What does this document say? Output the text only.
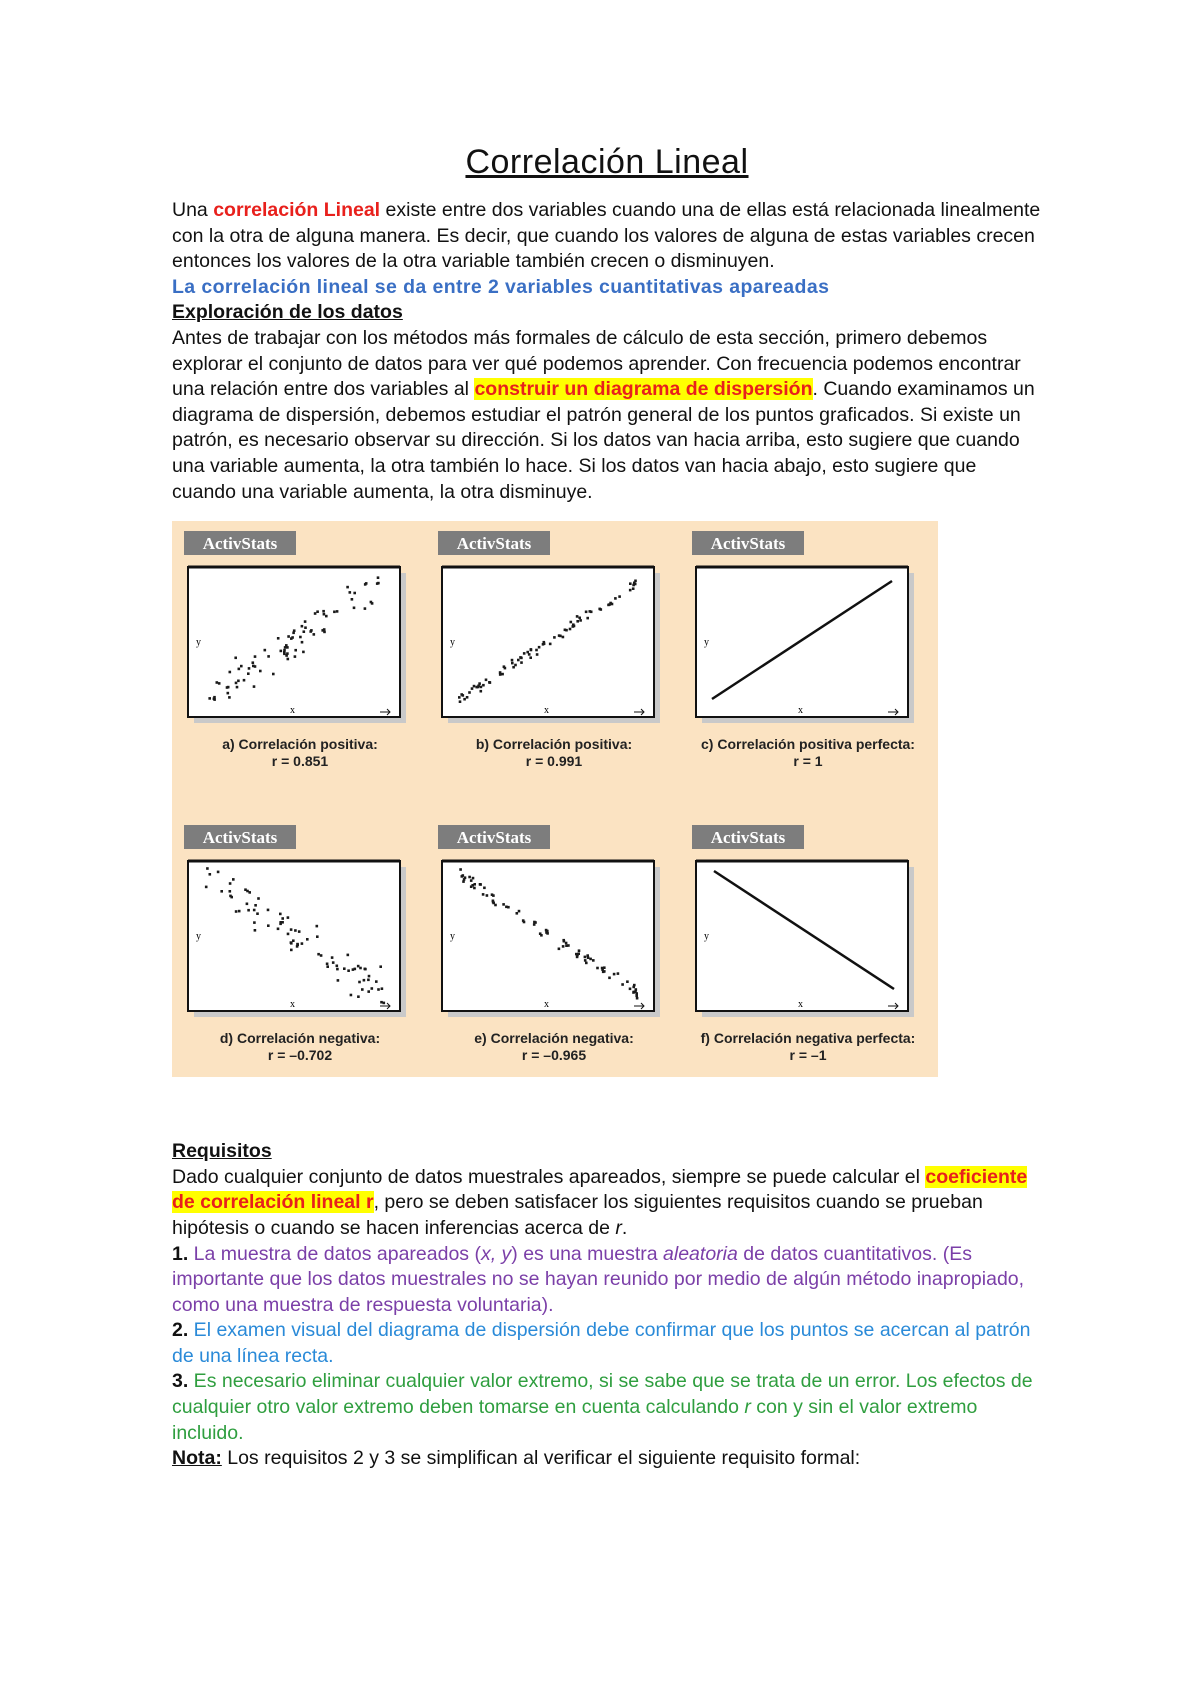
Correlación Lineal

Una correlación Lineal existe entre dos variables cuando una de ellas está relacionada linealmente con la otra de alguna manera. Es decir, que cuando los valores de alguna de estas variables crecen entonces los valores de la otra variable también crecen o disminuyen.

La correlación lineal se da entre 2 variables cuantitativas apareadas

Exploración de los datos

Antes de trabajar con los métodos más formales de cálculo de esta sección, primero debemos explorar el conjunto de datos para ver qué podemos aprender. Con frecuencia podemos encontrar una relación entre dos variables al construir un diagrama de dispersión. Cuando examinamos un diagrama de dispersión, debemos estudiar el patrón general de los puntos graficados. Si existe un patrón, es necesario observar su dirección. Si los datos van hacia arriba, esto sugiere que cuando una variable aumenta, la otra también lo hace. Si los datos van hacia abajo, esto sugiere que cuando una variable aumenta, la otra disminuye.

ActivStats
y
x
a) Correlación positiva:
r = 0.851
ActivStats
y
x
b) Correlación positiva:
r = 0.991
ActivStats
y
x
c) Correlación positiva perfecta:
r = 1
ActivStats
y
x
d) Correlación negativa:
r = –0.702
ActivStats
y
x
e) Correlación negativa:
r = –0.965
ActivStats
y
x
f) Correlación negativa perfecta:
r = –1

Requisitos

Dado cualquier conjunto de datos muestrales apareados, siempre se puede calcular el coeficiente de correlación lineal r, pero se deben satisfacer los siguientes requisitos cuando se prueban hipótesis o cuando se hacen inferencias acerca de r.

1. La muestra de datos apareados (x, y) es una muestra aleatoria de datos cuantitativos. (Es importante que los datos muestrales no se hayan reunido por medio de algún método inapropiado, como una muestra de respuesta voluntaria).

2. El examen visual del diagrama de dispersión debe confirmar que los puntos se acercan al patrón de una línea recta.

3. Es necesario eliminar cualquier valor extremo, si se sabe que se trata de un error. Los efectos de cualquier otro valor extremo deben tomarse en cuenta calculando r con y sin el valor extremo incluido.

Nota: Los requisitos 2 y 3 se simplifican al verificar el siguiente requisito formal:
